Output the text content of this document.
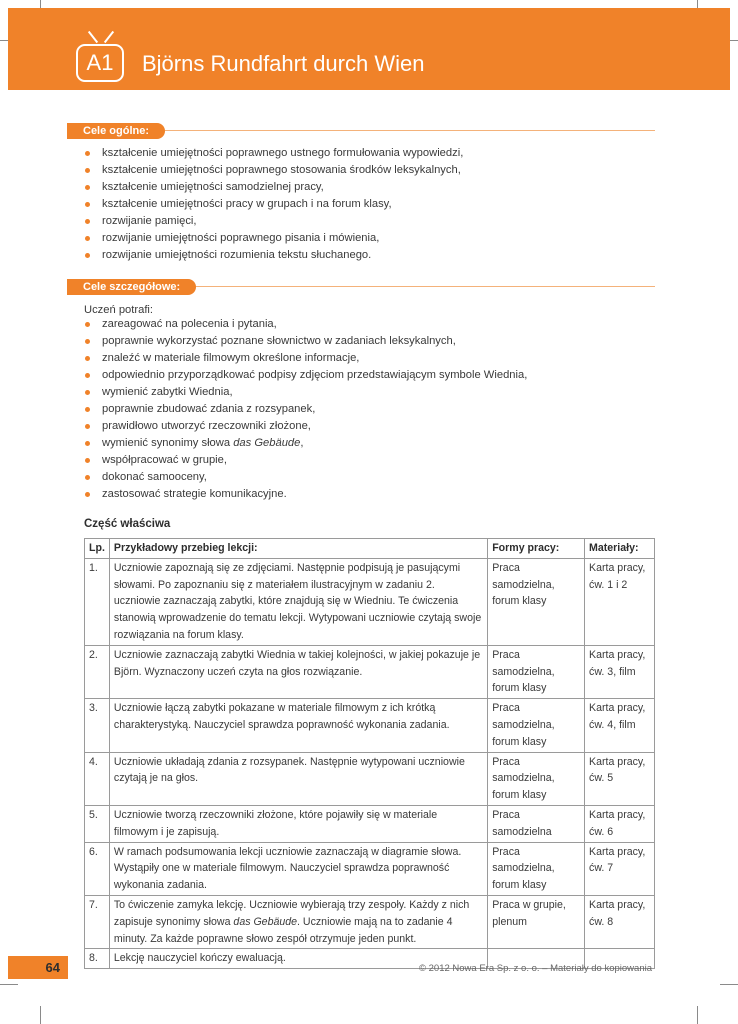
A1	Björns Rundfahrt durch Wien
Cele ogólne:
kształcenie umiejętności poprawnego ustnego formułowania wypowiedzi,
kształcenie umiejętności poprawnego stosowania środków leksykalnych,
kształcenie umiejętności samodzielnej pracy,
kształcenie umiejętności pracy w grupach i na forum klasy,
rozwijanie pamięci,
rozwijanie umiejętności poprawnego pisania i mówienia,
rozwijanie umiejętności rozumienia tekstu słuchanego.
Cele szczegółowe:
Uczeń potrafi:
zareagować na polecenia i pytania,
poprawnie wykorzystać poznane słownictwo w zadaniach leksykalnych,
znaleźć w materiale filmowym określone informacje,
odpowiednio przyporządkować podpisy zdjęciom przedstawiającym symbole Wiednia,
wymienić zabytki Wiednia,
poprawnie zbudować zdania z rozsypanek,
prawidłowo utworzyć rzeczowniki złożone,
wymienić synonimy słowa das Gebäude,
współpracować w grupie,
dokonać samooceny,
zastosować strategie komunikacyjne.
Część właściwa
Lp.	Przykładowy przebieg lekcji:	Formy pracy:	Materiały:
1.	Uczniowie zapoznają się ze zdjęciami. Następnie podpisują je pasującymi słowami. Po zapoznaniu się z materiałem ilustracyjnym w zadaniu 2. uczniowie zaznaczają zabytki, które znajdują się w Wiedniu. Te ćwiczenia stanowią wprowadzenie do tematu lekcji. Wytypowani uczniowie czytają swoje rozwiązania na forum klasy.	Praca samodzielna, forum klasy	Karta pracy, ćw. 1 i 2
2.	Uczniowie zaznaczają zabytki Wiednia w takiej kolejności, w jakiej pokazuje je Björn. Wyznaczony uczeń czyta na głos rozwiązanie.	Praca samodzielna, forum klasy	Karta pracy, ćw. 3, film
3.	Uczniowie łączą zabytki pokazane w materiale filmowym z ich krótką charakterystyką. Nauczyciel sprawdza poprawność wykonania zadania.	Praca samodzielna, forum klasy	Karta pracy, ćw. 4, film
4.	Uczniowie układają zdania z rozsypanek. Następnie wytypowani uczniowie czytają je na głos.	Praca samodzielna, forum klasy	Karta pracy, ćw. 5
5.	Uczniowie tworzą rzeczowniki złożone, które pojawiły się w materiale filmowym i je zapisują.	Praca samodzielna	Karta pracy, ćw. 6
6.	W ramach podsumowania lekcji uczniowie zaznaczają w diagramie słowa. Wystąpiły one w materiale filmowym. Nauczyciel sprawdza poprawność wykonania zadania.	Praca samodzielna, forum klasy	Karta pracy, ćw. 7
7.	To ćwiczenie zamyka lekcję. Uczniowie wybierają trzy zespoły. Każdy z nich zapisuje synonimy słowa das Gebäude. Uczniowie mają na to zadanie 4 minuty. Za każde poprawne słowo zespół otrzymuje jeden punkt.	Praca w grupie, plenum	Karta pracy, ćw. 8
8.	Lekcję nauczyciel kończy ewaluacją.		
64	© 2012 Nowa Era Sp. z o. o. – Materiały do kopiowania
